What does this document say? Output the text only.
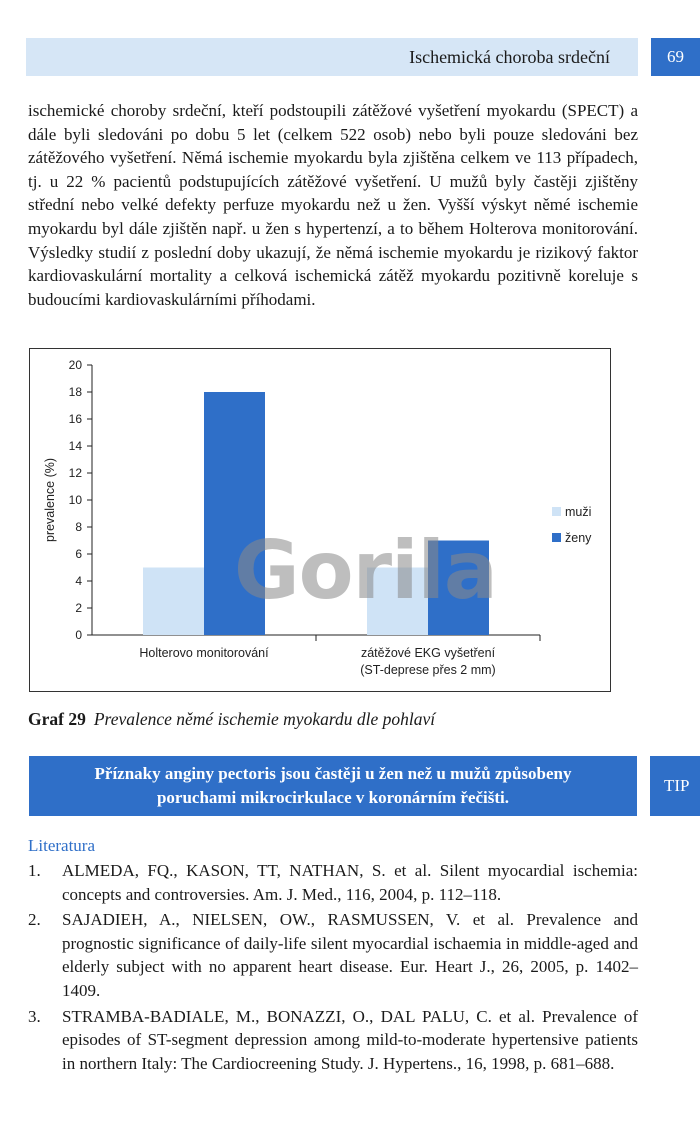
Ischemická choroba srdeční	69

ischemické choroby srdeční, kteří podstoupili zátěžové vyšetření myokardu (SPECT) a dále byli sledováni po dobu 5 let (celkem 522 osob) nebo byli pouze sledováni bez zátěžového vyšetření. Němá ischemie myokardu byla zjištěna celkem ve 113 případech, tj. u 22 % pacientů podstupujících zátěžové vyšetření. U mužů byly častěji zjištěny střední nebo velké defekty perfuze myokardu než u žen. Vyšší výskyt němé ischemie myokardu byl dále zjištěn např. u žen s hypertenzí, a to během Holterova monitorování. Výsledky studií z poslední doby ukazují, že němá ischemie myokardu je rizikový faktor kardiovaskulární mortality a celková ischemická zátěž myokardu pozitivně koreluje s budoucími kardiovaskulárními příhodami.

0
2
4
6
8
10
12
14
16
18
20
prevalence (%)
Holterovo monitorování	zátěžové EKG vyšetření
(ST-deprese přes 2 mm)
muži
ženy
Gorila
Graf 29 Prevalence němé ischemie myokardu dle pohlaví
Příznaky anginy pectoris jsou častěji u žen než u mužů způsobeny
poruchami mikrocirkulace v koronárním řečišti.
TIP
Literatura
1.	ALMEDA, FQ., KASON, TT, NATHAN, S. et al. Silent myocardial ischemia: concepts and controversies. Am. J. Med., 116, 2004, p. 112–118.
2.	SAJADIEH, A., NIELSEN, OW., RASMUSSEN, V. et al. Prevalence and prognostic significance of daily-life silent myocardial ischaemia in middle-aged and elderly subject with no apparent heart disease. Eur. Heart J., 26, 2005, p. 1402–1409.
3.	STRAMBA-BADIALE, M., BONAZZI, O., DAL PALU, C. et al. Prevalence of episodes of ST-segment depression among mild-to-moderate hypertensive patients in northern Italy: The Cardiocreening Study. J. Hypertens., 16, 1998, p. 681–688.
